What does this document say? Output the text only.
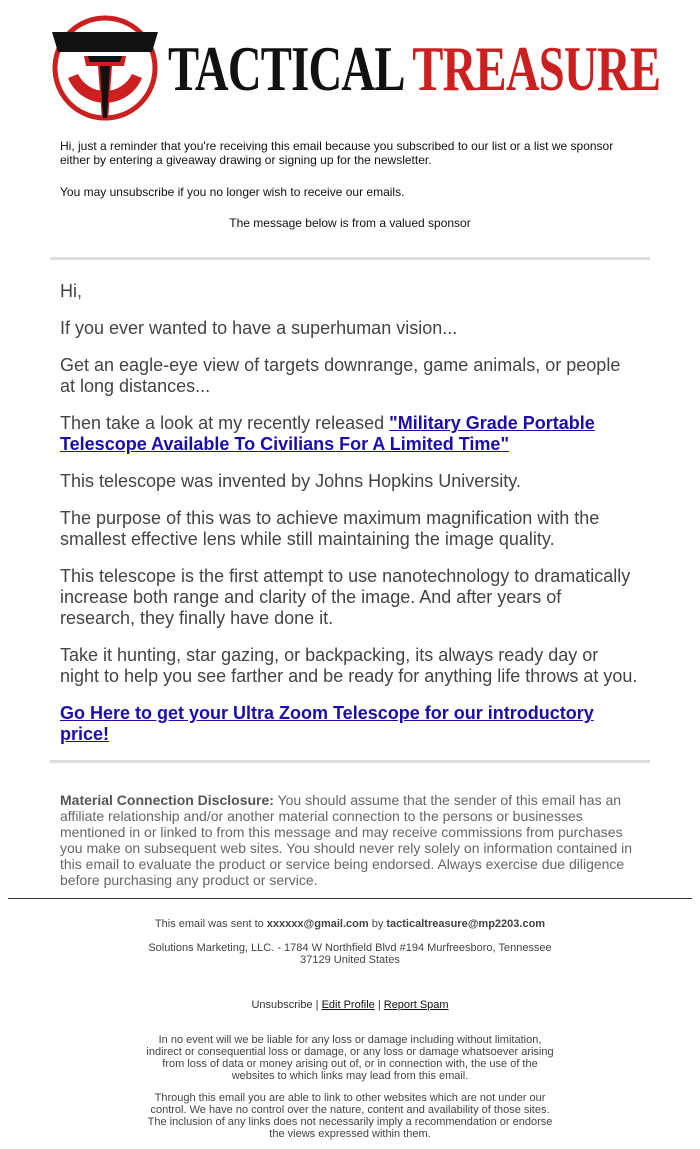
TACTICAL TREASURE
Hi, just a reminder that you're receiving this email because you subscribed to our list or a list we sponsor either by entering a giveaway drawing or signing up for the newsletter.
You may unsubscribe if you no longer wish to receive our emails.
The message below is from a valued sponsor

Hi,

If you ever wanted to have a superhuman vision...

Get an eagle-eye view of targets downrange, game animals, or people at long distances...

Then take a look at my recently released "Military Grade Portable Telescope Available To Civilians For A Limited Time"

This telescope was invented by Johns Hopkins University.

The purpose of this was to achieve maximum magnification with the smallest effective lens while still maintaining the image quality.

This telescope is the first attempt to use nanotechnology to dramatically increase both range and clarity of the image. And after years of research, they finally have done it.

Take it hunting, star gazing, or backpacking, its always ready day or night to help you see farther and be ready for anything life throws at you.

Go Here to get your Ultra Zoom Telescope for our introductory price!

Material Connection Disclosure: You should assume that the sender of this email has an affiliate relationship and/or another material connection to the persons or businesses mentioned in or linked to from this message and may receive commissions from purchases you make on subsequent web sites. You should never rely solely on information contained in this email to evaluate the product or service being endorsed. Always exercise due diligence before purchasing any product or service.
This email was sent to xxxxxx@gmail.com by tacticaltreasure@mp2203.com
Solutions Marketing, LLC. - 1784 W Northfield Blvd #194 Murfreesboro, Tennessee 37129 United States
Unsubscribe | Edit Profile | Report Spam
In no event will we be liable for any loss or damage including without limitation, indirect or consequential loss or damage, or any loss or damage whatsoever arising from loss of data or money arising out of, or in connection with, the use of the websites to which links may lead from this email.
Through this email you are able to link to other websites which are not under our control. We have no control over the nature, content and availability of those sites. The inclusion of any links does not necessarily imply a recommendation or endorse the views expressed within them.
